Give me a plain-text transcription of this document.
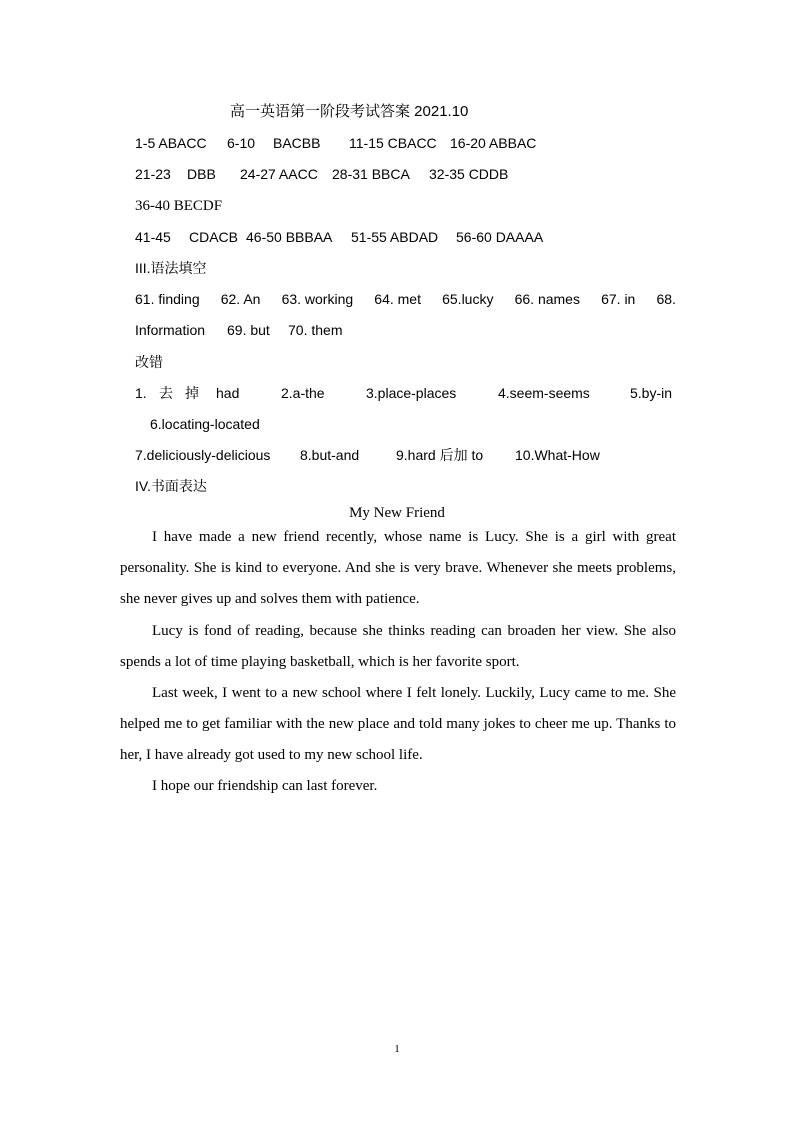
高一英语第一阶段考试答案 2021.10
1-5 ABACC	6-10	BACBB	11-15 CBACC 16-20 ABBAC
21-23	DBB	24-27 AACC	28-31 BBCA	32-35 CDDB
36-40 BECDF
41-45	CDACB 46-50 BBBAA	51-55 ABDAD	56-60 DAAAA
III.语法填空
61. finding 62. An 63. working 64. met 65.lucky 66. names 67. in 68.
Information	69. but	70. them
改错
1. 去 掉	had	2.a-the	3.place-places	4.seem-seems	5.by-in
6.locating-located
7.deliciously-delicious	8.but-and	9.hard 后加 to	10.What-How
IV.书面表达
My New Friend
I have made a new friend recently, whose name is Lucy. She is a girl with great personality. She is kind to everyone. And she is very brave. Whenever she meets problems, she never gives up and solves them with patience.
Lucy is fond of reading, because she thinks reading can broaden her view. She also spends a lot of time playing basketball, which is her favorite sport.
Last week, I went to a new school where I felt lonely. Luckily, Lucy came to me. She helped me to get familiar with the new place and told many jokes to cheer me up. Thanks to her, I have already got used to my new school life.
I hope our friendship can last forever.
1
